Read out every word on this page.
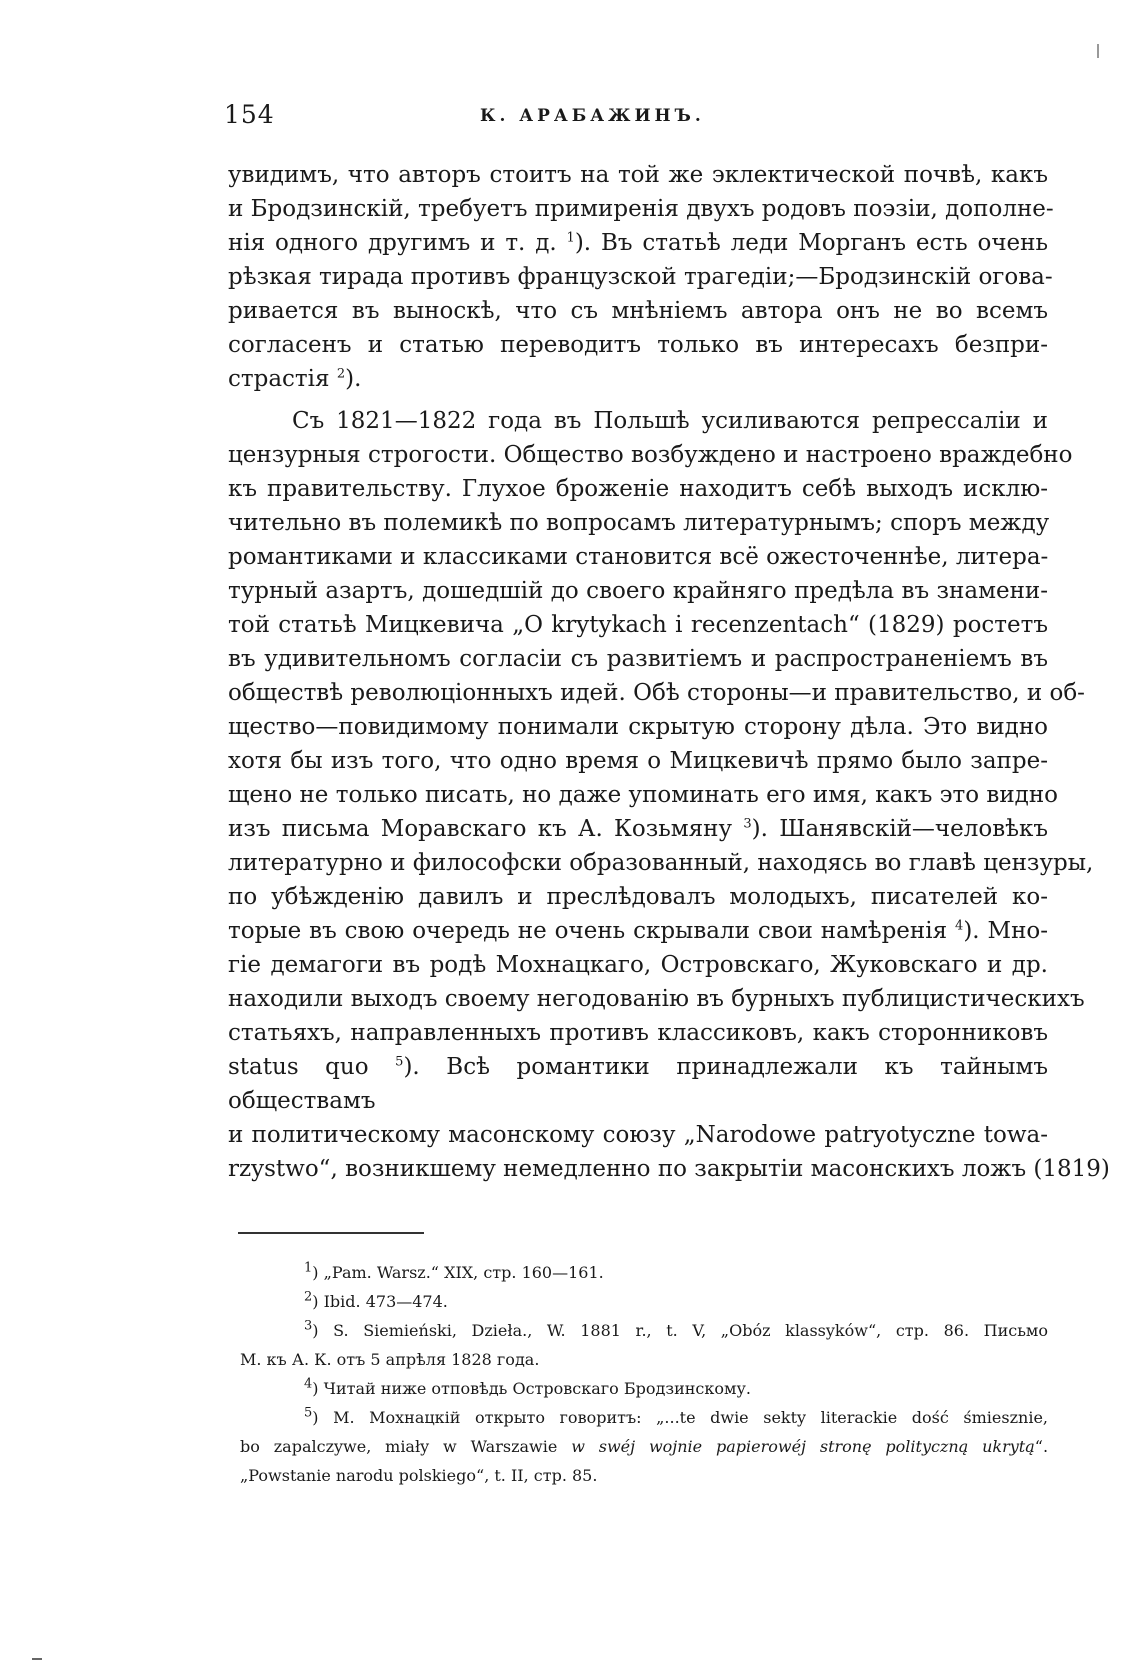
154	К. АРАБАЖИНЪ.
увидимъ, что авторъ стоитъ на той же эклектической почвѣ, какъ
и Бродзинскій, требуетъ примиренія двухъ родовъ поэзіи, дополне-
нія одного другимъ и т. д. $^1$). Въ статьѣ леди Морганъ есть очень
рѣзкая тирада противъ французской трагедіи;—Бродзинскій огова-
ривается въ выноскѣ, что съ мнѣніемъ автора онъ не во всемъ
согласенъ и статью переводитъ только въ интересахъ безпри-
страстія $^2$).
Съ 1821—1822 года въ Польшѣ усиливаются репрессаліи и
цензурныя строгости. Общество возбуждено и настроено враждебно
къ правительству. Глухое броженіе находитъ себѣ выходъ исклю-
чительно въ полемикѣ по вопросамъ литературнымъ; споръ между
романтиками и классиками становится всё ожесточеннѣе, литера-
турный азартъ, дошедшій до своего крайняго предѣла въ знамени-
той статьѣ Мицкевича „O krytykach i recenzentach“ (1829) ростетъ
въ удивительномъ согласіи съ развитіемъ и распространеніемъ въ
обществѣ революціонныхъ идей. Обѣ стороны—и правительство, и об-
щество—повидимому понимали скрытую сторону дѣла. Это видно
хотя бы изъ того, что одно время о Мицкевичѣ прямо было запре-
щено не только писать, но даже упоминать его имя, какъ это видно
изъ письма Моравскаго къ А. Козьмяну $^3$). Шанявскій—человѣкъ
литературно и философски образованный, находясь во главѣ цензуры,
по убѣжденію давилъ и преслѣдовалъ молодыхъ, писателей ко-
торые въ свою очередь не очень скрывали свои намѣренія $^4$). Мно-
гіе демагоги въ родѣ Мохнацкаго, Островскаго, Жуковскаго и др.
находили выходъ своему негодованію въ бурныхъ публицистическихъ
статьяхъ, направленныхъ противъ классиковъ, какъ сторонниковъ
status quo $^5$). Всѣ романтики принадлежали къ тайнымъ обществамъ
и политическому масонскому союзу „Narodowe patryotyczne towa-
rzystwo“, возникшему немедленно по закрытіи масонскихъ ложъ (1819)
$^1$) „Pam. Warsz.“ XIX, стр. 160—161.
$^2$) Ibid. 473—474.
$^3$) S. Siemieński, Dzieła., W. 1881 r., t. V, „Obóz klassyków“, стр. 86. Письмо
М. къ А. К. отъ 5 апрѣля 1828 года.
$^4$) Читай ниже отповѣдь Островскаго Бродзинскому.
$^5$) М. Мохнацкій открыто говоритъ: „...te dwie sekty literackie dość śmiesznie,
bo zapalczywe, miały w Warszawie w swéj wojnie papierowéj stronę polityczną ukrytą“.
„Powstanie narodu polskiego“, t. II, стр. 85.
